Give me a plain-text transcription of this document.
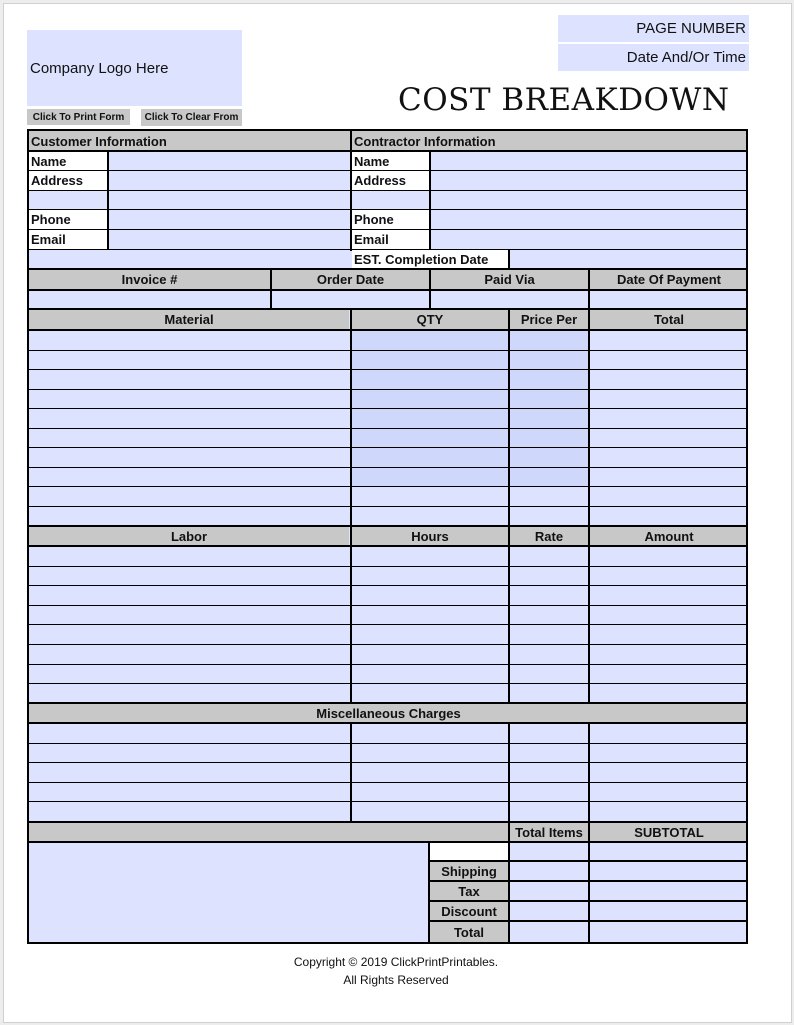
Company Logo Here
PAGE NUMBER
Date And/Or Time
COST BREAKDOWN
Click To Print Form	Click To Clear From
Customer Information	Contractor Information
Name
Address
Phone
Email
Name
Address
Phone
Email
EST. Completion Date
Invoice #	Order Date	Paid Via	Date Of Payment
Material	QTY	Price Per	Total
Labor	Hours	Rate	Amount
Miscellaneous Charges
Total Items	SUBTOTAL
Shipping
Tax
Discount
Total
Copyright © 2019 ClickPrintPrintables.
All Rights Reserved
